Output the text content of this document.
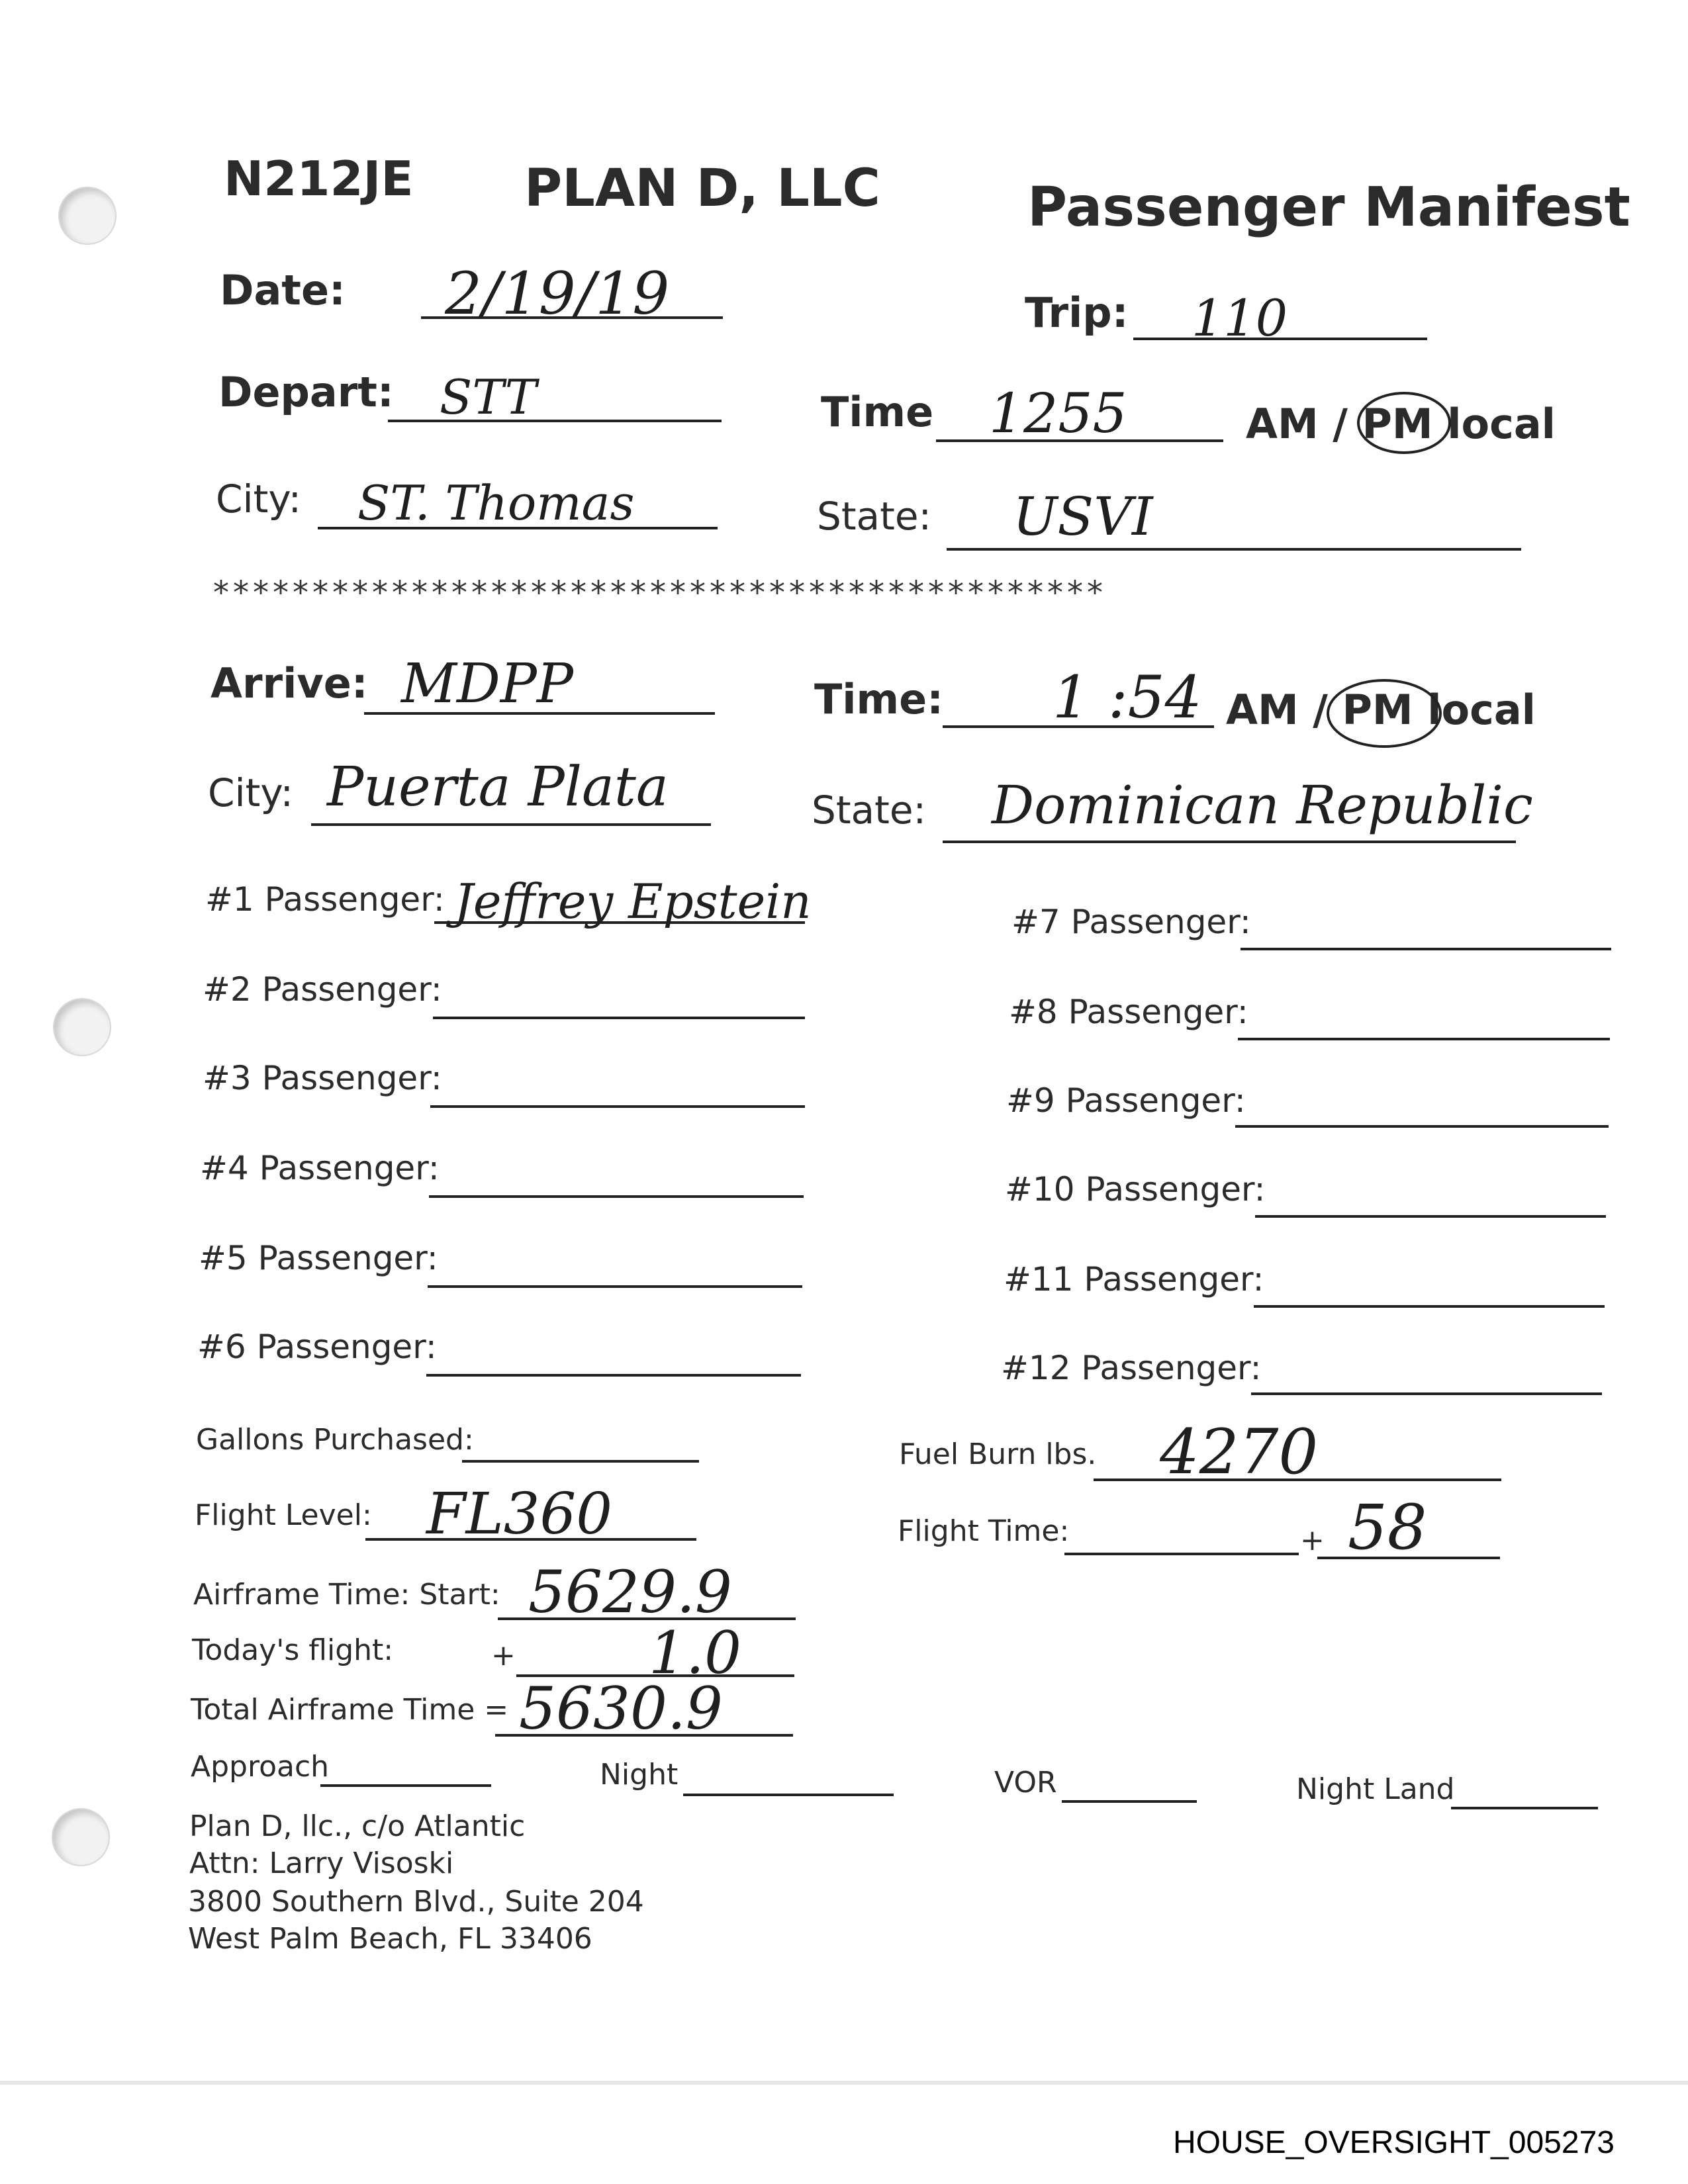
N212JE PLAN D, LLC	Passenger Manifest
Date: 2/19/19	Trip: 110
Depart: STT	Time 1255	AM / PM local
City: ST. Thomas	State: USVI
*********************************************
Arrive: MDPP	Time: 1 :54 AM / PM local
City: Puerta Plata	State: Dominican Republic
#1 Passenger: Jeffrey Epstein
#2 Passenger:
#3 Passenger:
#4 Passenger:
#5 Passenger:
#6 Passenger:
#7 Passenger:
#8 Passenger:
#9 Passenger:
#10 Passenger:
#11 Passenger:
#12 Passenger:
Gallons Purchased:	Fuel Burn lbs. 4270
Flight Level: FL360	Flight Time:	+ 58
Airframe Time: Start: 5629.9
Today's flight:	+ 1.0
Total Airframe Time = 5630.9
Approach	Night	VOR	Night Land
Plan D, llc., c/o Atlantic
Attn: Larry Visoski
3800 Southern Blvd., Suite 204
West Palm Beach, FL 33406
HOUSE_OVERSIGHT_005273
